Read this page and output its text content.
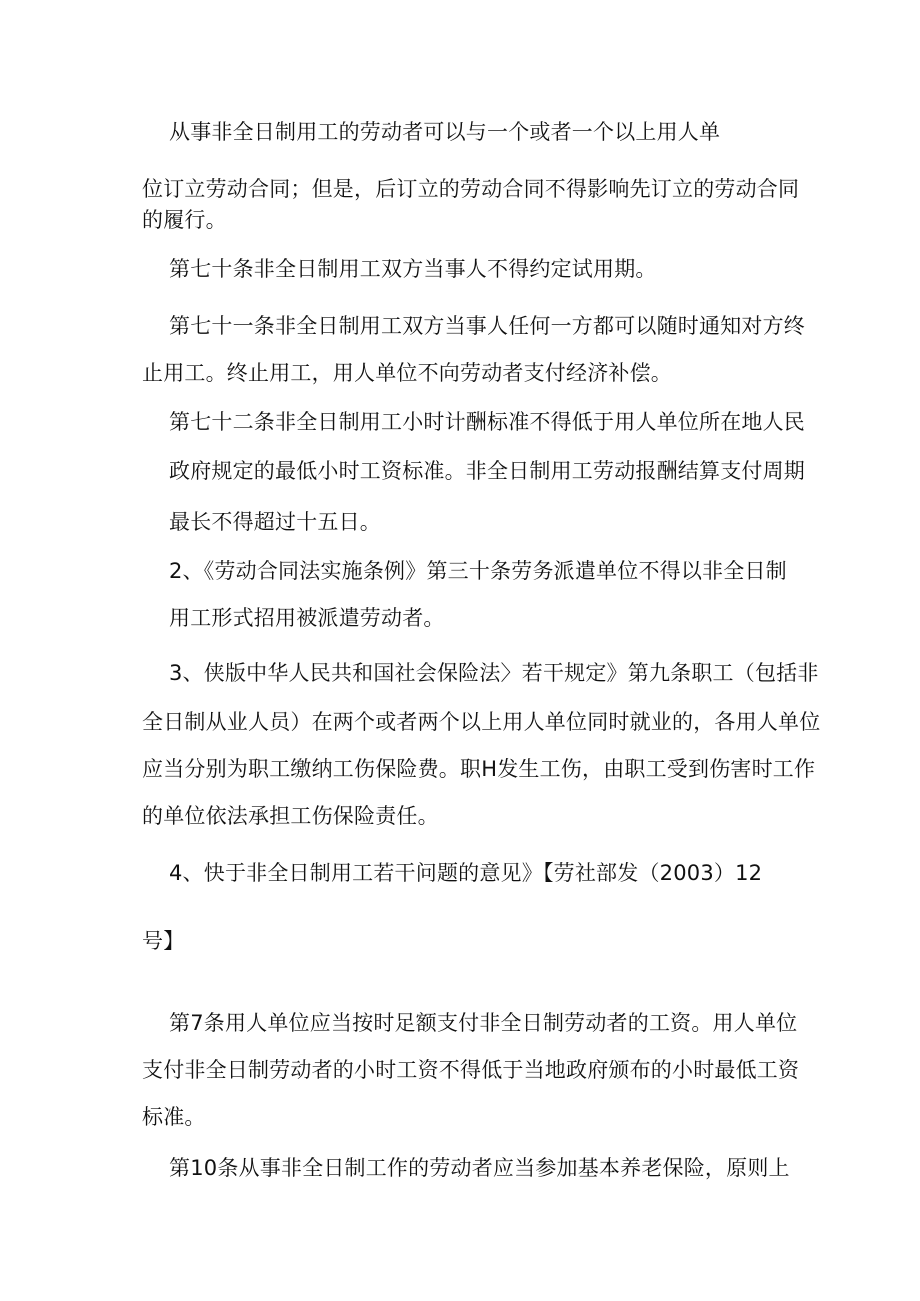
从事非全日制用工的劳动者可以与一个或者一个以上用人单
位订立劳动合同；但是，后订立的劳动合同不得影响先订立的劳动合同
的履行。
第七十条非全日制用工双方当事人不得约定试用期。
第七十一条非全日制用工双方当事人任何一方都可以随时通知对方终
止用工。终止用工，用人单位不向劳动者支付经济补偿。
第七十二条非全日制用工小时计酬标准不得低于用人单位所在地人民
政府规定的最低小时工资标准。非全日制用工劳动报酬结算支付周期
最长不得超过十五日。
2、《劳动合同法实施条例》第三十条劳务派遣单位不得以非全日制
用工形式招用被派遣劳动者。
3、侠版中华人民共和国社会保险法〉若干规定》第九条职工（包括非
全日制从业人员）在两个或者两个以上用人单位同时就业的，各用人单位
应当分别为职工缴纳工伤保险费。职H发生工伤，由职工受到伤害时工作
的单位依法承担工伤保险责任。
4、快于非全日制用工若干问题的意见》【劳社部发（2003）12
号】
第7条用人单位应当按时足额支付非全日制劳动者的工资。用人单位
支付非全日制劳动者的小时工资不得低于当地政府颁布的小时最低工资
标准。
第10条从事非全日制工作的劳动者应当参加基本养老保险，原则上
